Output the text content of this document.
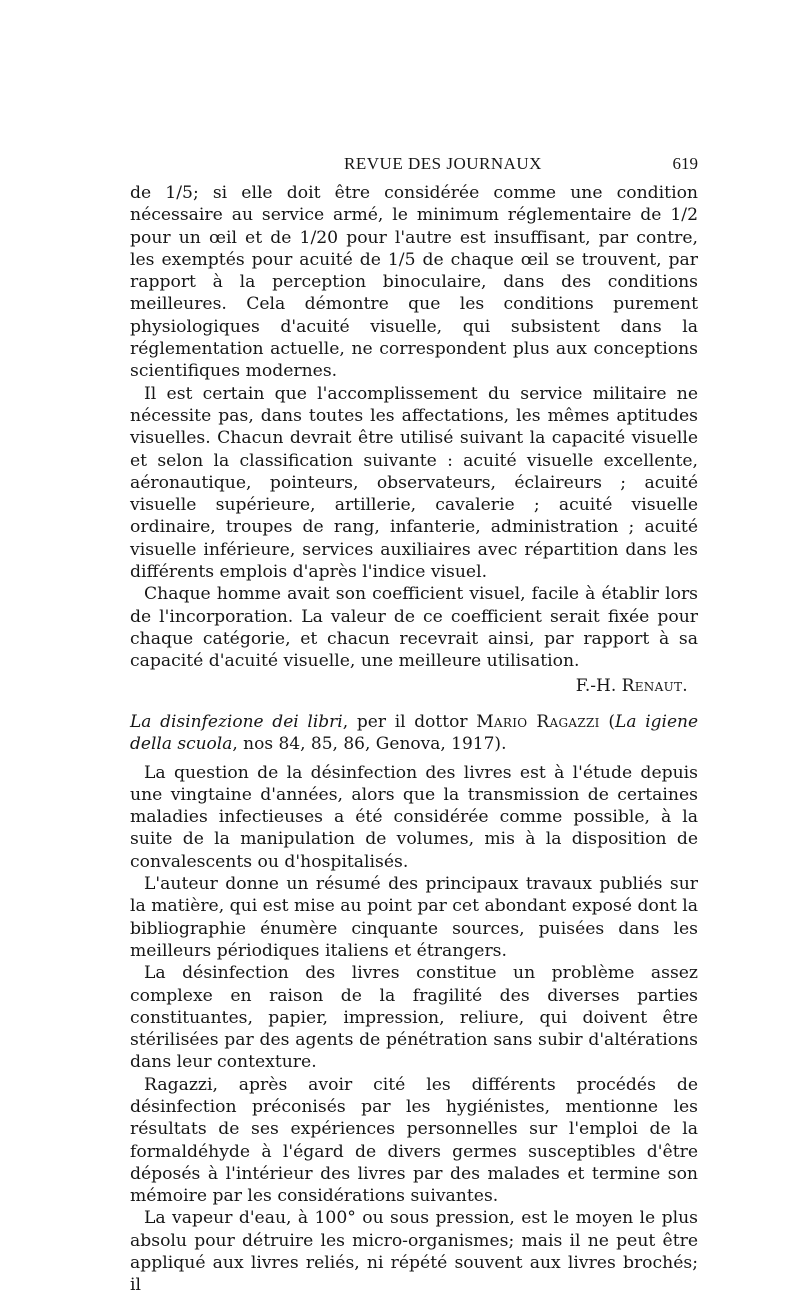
REVUE DES JOURNAUX	619

de 1/5; si elle doit être considérée comme une condition nécessaire au service armé, le minimum réglementaire de 1/2 pour un œil et de 1/20 pour l'autre est insuffisant, par contre, les exemptés pour acuité de 1/5 de chaque œil se trouvent, par rapport à la perception binoculaire, dans des conditions meilleures. Cela démontre que les conditions purement physiologiques d'acuité visuelle, qui subsistent dans la réglementation actuelle, ne correspondent plus aux conceptions scientifiques modernes.

Il est certain que l'accomplissement du service militaire ne nécessite pas, dans toutes les affectations, les mêmes aptitudes visuelles. Chacun devrait être utilisé suivant la capacité visuelle et selon la classification suivante : acuité visuelle excellente, aéronautique, pointeurs, observateurs, éclaireurs ; acuité visuelle supérieure, artillerie, cavalerie ; acuité visuelle ordinaire, troupes de rang, infanterie, administration ; acuité visuelle inférieure, services auxiliaires avec répartition dans les différents emplois d'après l'indice visuel.

Chaque homme avait son coefficient visuel, facile à établir lors de l'incorporation. La valeur de ce coefficient serait fixée pour chaque catégorie, et chacun recevrait ainsi, par rapport à sa capacité d'acuité visuelle, une meilleure utilisation.

F.-H. Renaut.
La disinfezione dei libri, per il dottor Mario Ragazzi (La igiene della scuola, nos 84, 85, 86, Genova, 1917).

La question de la désinfection des livres est à l'étude depuis une vingtaine d'années, alors que la transmission de certaines maladies infectieuses a été considérée comme possible, à la suite de la manipulation de volumes, mis à la disposition de convalescents ou d'hospitalisés.

L'auteur donne un résumé des principaux travaux publiés sur la matière, qui est mise au point par cet abondant exposé dont la bibliographie énumère cinquante sources, puisées dans les meilleurs périodiques italiens et étrangers.

La désinfection des livres constitue un problème assez complexe en raison de la fragilité des diverses parties constituantes, papier, impression, reliure, qui doivent être stérilisées par des agents de pénétration sans subir d'altérations dans leur contexture.

Ragazzi, après avoir cité les différents procédés de désinfection préconisés par les hygiénistes, mentionne les résultats de ses expériences personnelles sur l'emploi de la formaldéhyde à l'égard de divers germes susceptibles d'être déposés à l'intérieur des livres par des malades et termine son mémoire par les considérations suivantes.

La vapeur d'eau, à 100° ou sous pression, est le moyen le plus absolu pour détruire les micro-organismes; mais il ne peut être appliqué aux livres reliés, ni répété souvent aux livres brochés; il
